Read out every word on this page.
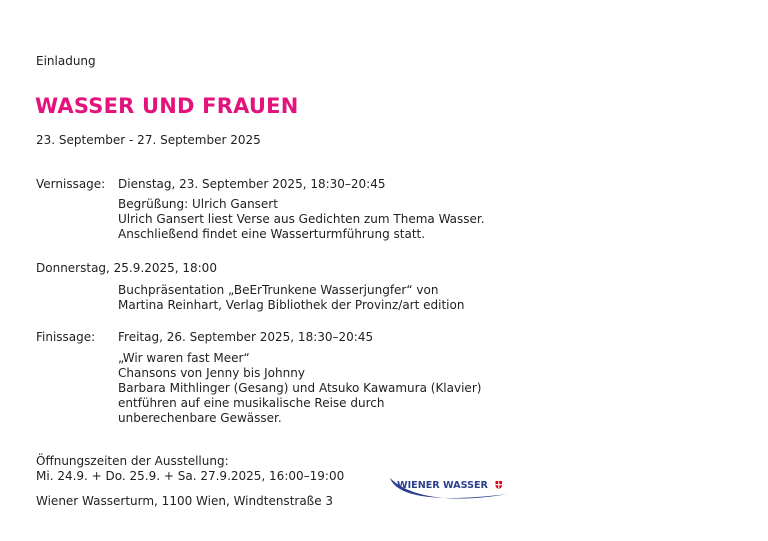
Einladung

WASSER UND FRAUEN

23. September - 27. September 2025

Vernissage: Dienstag, 23. September 2025, 18:30–20:45
Begrüßung: Ulrich Gansert
Ulrich Gansert liest Verse aus Gedichten zum Thema Wasser.
Anschließend findet eine Wasserturmführung statt.
Donnerstag, 25.9.2025, 18:00
Buchpräsentation „BeErTrunkene Wasserjungfer“ von
Martina Reinhart, Verlag Bibliothek der Provinz/art edition
Finissage: Freitag, 26. September 2025, 18:30–20:45
„Wir waren fast Meer“
Chansons von Jenny bis Johnny
Barbara Mithlinger (Gesang) und Atsuko Kawamura (Klavier)
entführen auf eine musikalische Reise durch
unberechenbare Gewässer.
Öffnungszeiten der Ausstellung:
Mi. 24.9. + Do. 25.9. + Sa. 27.9.2025, 16:00–19:00

Wiener Wasserturm, 1100 Wien, Windtenstraße 3

WIENER WASSER
